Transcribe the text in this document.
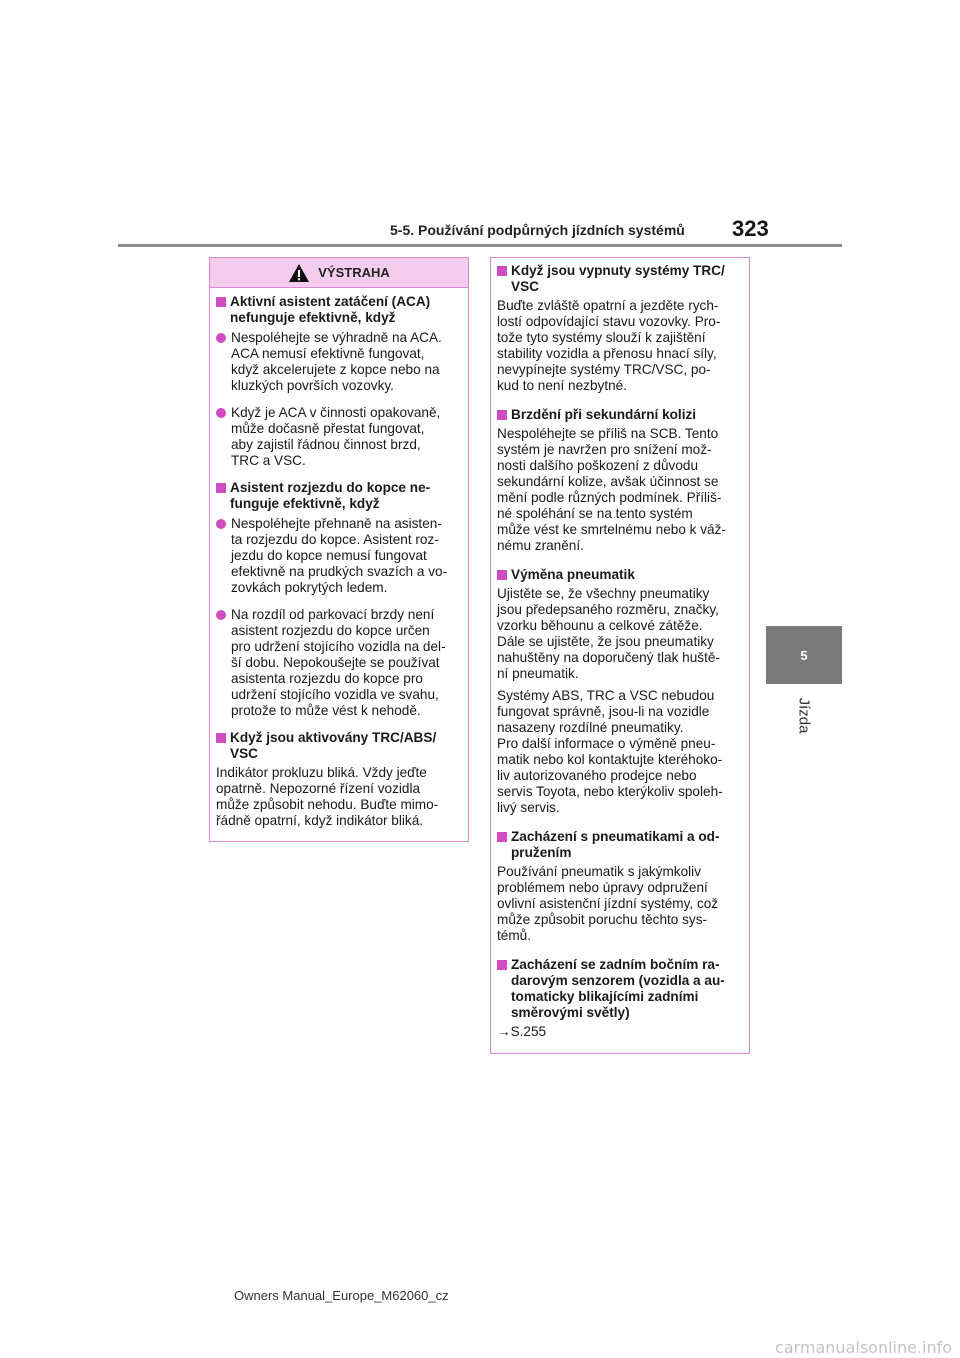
5-5. Používání podpůrných jízdních systémů 323
5
Jízda
VÝSTRAHA
Aktivní asistent zatáčení (ACA)
nefunguje efektivně, když
Nespoléhejte se výhradně na ACA.
ACA nemusí efektivně fungovat,
když akcelerujete z kopce nebo na
kluzkých površích vozovky.
Když je ACA v činnosti opakovaně,
může dočasně přestat fungovat,
aby zajistil řádnou činnost brzd,
TRC a VSC.
Asistent rozjezdu do kopce ne-
funguje efektivně, když
Nespoléhejte přehnaně na asisten-
ta rozjezdu do kopce. Asistent roz-
jezdu do kopce nemusí fungovat
efektivně na prudkých svazích a vo-
zovkách pokrytých ledem.
Na rozdíl od parkovací brzdy není
asistent rozjezdu do kopce určen
pro udržení stojícího vozidla na del-
ší dobu. Nepokoušejte se používat
asistenta rozjezdu do kopce pro
udržení stojícího vozidla ve svahu,
protože to může vést k nehodě.
Když jsou aktivovány TRC/ABS/
VSC
Indikátor prokluzu bliká. Vždy jeďte
opatrně. Nepozorné řízení vozidla
může způsobit nehodu. Buďte mimo-
řádně opatrní, když indikátor bliká.
Když jsou vypnuty systémy TRC/
VSC
Buďte zvláště opatrní a jezděte rych-
lostí odpovídající stavu vozovky. Pro-
tože tyto systémy slouží k zajištění
stability vozidla a přenosu hnací síly,
nevypínejte systémy TRC/VSC, po-
kud to není nezbytné.
Brzdění při sekundární kolizi
Nespoléhejte se příliš na SCB. Tento
systém je navržen pro snížení mož-
nosti dalšího poškození z důvodu
sekundární kolize, avšak účinnost se
mění podle různých podmínek. Příliš-
né spoléhání se na tento systém
může vést ke smrtelnému nebo k váž-
nému zranění.
Výměna pneumatik
Ujistěte se, že všechny pneumatiky
jsou předepsaného rozměru, značky,
vzorku běhounu a celkové zátěže.
Dále se ujistěte, že jsou pneumatiky
nahuštěny na doporučený tlak huště-
ní pneumatik.
Systémy ABS, TRC a VSC nebudou
fungovat správně, jsou-li na vozidle
nasazeny rozdílné pneumatiky.
Pro další informace o výměně pneu-
matik nebo kol kontaktujte kteréhoko-
liv autorizovaného prodejce nebo
servis Toyota, nebo kterýkoliv spoleh-
livý servis.
Zacházení s pneumatikami a od-
pružením
Používání pneumatik s jakýmkoliv
problémem nebo úpravy odpružení
ovlivní asistenční jízdní systémy, což
může způsobit poruchu těchto sys-
témů.
Zacházení se zadním bočním ra-
darovým senzorem (vozidla a au-
tomaticky blikajícími zadními
směrovými světly)
→S.255
Owners Manual_Europe_M62060_cz
carmanualsonline.info
